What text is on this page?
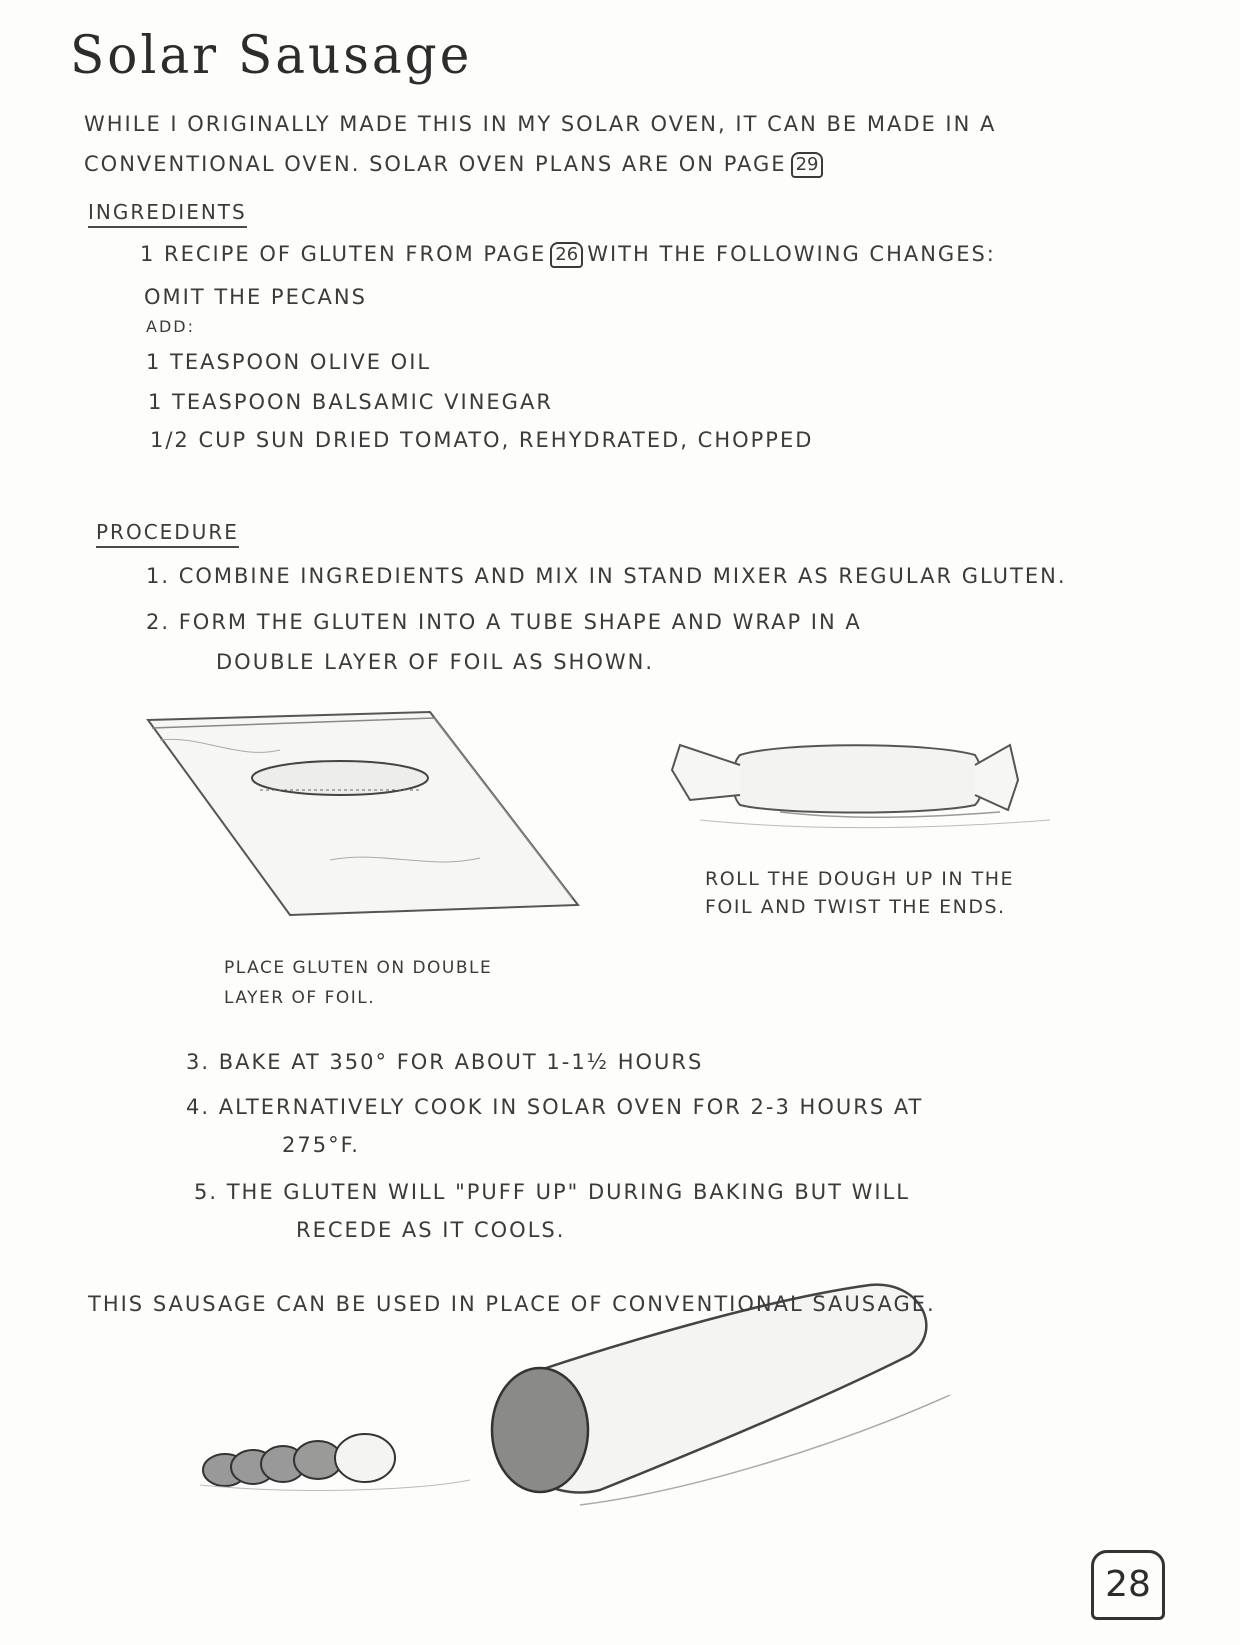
Solar Sausage
WHILE I ORIGINALLY MADE THIS IN MY SOLAR OVEN, IT CAN BE MADE IN A
CONVENTIONAL OVEN. SOLAR OVEN PLANS ARE ON PAGE 29
INGREDIENTS
1 RECIPE OF GLUTEN FROM PAGE 26 WITH THE FOLLOWING CHANGES:
OMIT THE PECANS
ADD:
1 TEASPOON OLIVE OIL
1 TEASPOON BALSAMIC VINEGAR
1/2 CUP SUN DRIED TOMATO, REHYDRATED, CHOPPED
PROCEDURE
1. COMBINE INGREDIENTS AND MIX IN STAND MIXER AS REGULAR GLUTEN.
2. FORM THE GLUTEN INTO A TUBE SHAPE AND WRAP IN A
DOUBLE LAYER OF FOIL AS SHOWN.
ROLL THE DOUGH UP IN THE
FOIL AND TWIST THE ENDS.
PLACE GLUTEN ON DOUBLE
LAYER OF FOIL.
3. BAKE AT 350° FOR ABOUT 1-1½ HOURS
4. ALTERNATIVELY COOK IN SOLAR OVEN FOR 2-3 HOURS AT
275°F.
5. THE GLUTEN WILL "PUFF UP" DURING BAKING BUT WILL
RECEDE AS IT COOLS.
THIS SAUSAGE CAN BE USED IN PLACE OF CONVENTIONAL SAUSAGE.
28
